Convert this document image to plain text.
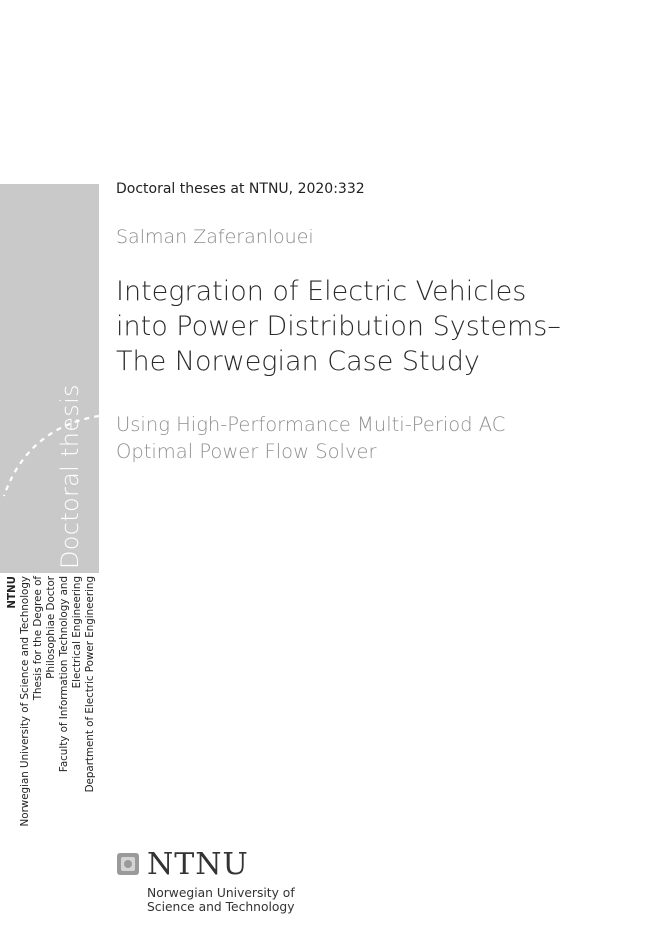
Doctoral thesis
NTNU Norwegian University of Science and Technology Thesis for the Degree of Philosophiae Doctor Faculty of Information Technology and Electrical Engineering Department of Electric Power Engineering
Doctoral theses at NTNU, 2020:332
Salman Zaferanlouei
Integration of Electric Vehicles
into Power Distribution Systems–
The Norwegian Case Study
Using High-Performance Multi-Period AC
Optimal Power Flow Solver
NTNU
Norwegian University of
Science and Technology
